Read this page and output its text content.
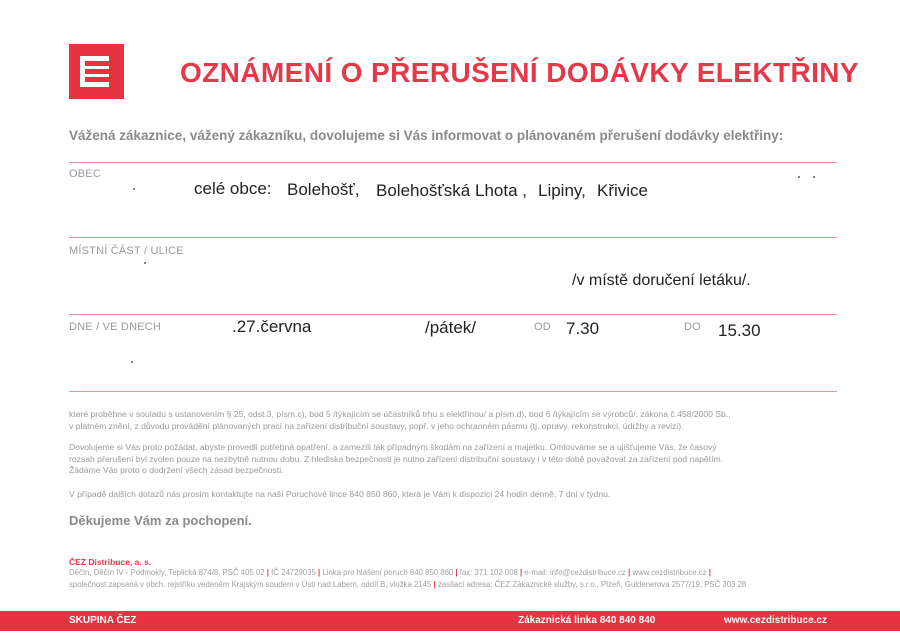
OZNÁMENÍ O PŘERUŠENÍ DODÁVKY ELEKTŘINY
Vážená zákaznice, vážený zákazníku, dovolujeme si Vás informovat o plánovaném přerušení dodávky elektřiny:
OBEC
celé obce: Bolehošť, Bolehošťská Lhota , Lipiny, Křivice
MÍSTNÍ ČÁST / ULICE
/v místě doručení letáku/.
DNE / VE DNECH	.27.června	/pátek/	OD 7.30	DO 15.30
které proběhne v souladu s ustanovením § 25, odst.3, písm.c), bod 5 /týkajícím se účastníků trhu s elektřinou/ a písm.d), bod 6 /týkajícím se výrobců/, zákona č.458/2000 Sb.,
v platném znění, z důvodu provádění plánovaných prací na zařízení distribuční soustavy, popř. v jeho ochranném pásmu (tj. opravy, rekonstrukci, údržby a revizi).
Dovolujeme si Vás proto požádat, abyste provedli potřebná opatření, a zamezili tak případným škodám na zařízení a majetku. Omlouváme se a ujišťujeme Vás, že časový
rozsah přerušení byl zvolen pouze na nezbytně nutnou dobu. Z hlediska bezpečnosti je nutno zařízení distribuční soustavy i v této době považovat za zařízení pod napětím.
Žádáme Vás proto o dodržení všech zásad bezpečnosti.
V případě dalších dotazů nás prosím kontaktujte na naší Poruchové lince 840 850 860, která je Vám k dispozici 24 hodin denně, 7 dní v týdnu.
Děkujeme Vám za pochopení.
ČEZ Distribuce, a. s.
Děčín, Děčín IV - Podmokly, Teplická 874/8, PSČ 405 02 | IČ 24729035 | Linka pro hlášení poruch 840 850 860 | fax: 371 102 008 | e-mail: info@cezdistribuce.cz | www.cezdistribuce.cz |
společnost zapsaná v obch. rejstříku vedeném Krajským soudem v Ústí nad Labem, oddíl B, vložka 2145 | zasílací adresa: ČEZ Zákaznické služby, s.r.o., Plzeň, Guldenerova 2577/19, PSČ 303 28
SKUPINA ČEZ	Zákaznická linka 840 840 840	www.cezdistribuce.cz
